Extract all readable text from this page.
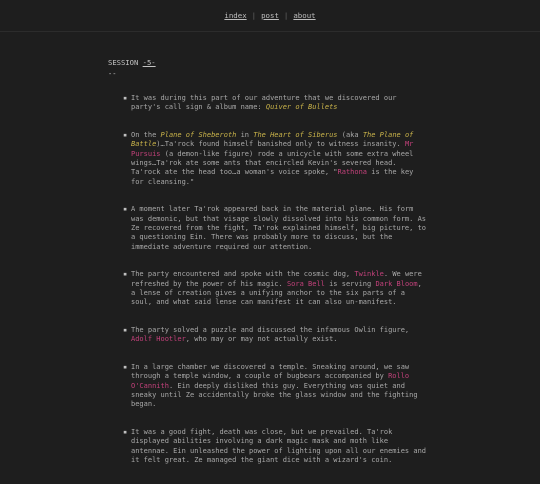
index | post | about
SESSION -5-
--
▪ It was during this part of our adventure that we discovered our party's call sign & album name: Quiver of Bullets
▪ On the Plane of Sheberoth in The Heart of Siberus (aka The Plane of Battle)…Ta'rock found himself banished only to witness insanity. Mr Pursuis (a demon-like figure) rode a unicycle with some extra wheel wings…Ta'rok ate some ants that encircled Kevin's severed head. Ta'rock ate the head too…a woman's voice spoke, "Rathona is the key for cleansing."
▪ A moment later Ta'rok appeared back in the material plane. His form was demonic, but that visage slowly dissolved into his common form. As Ze recovered from the fight, Ta'rok explained himself, big picture, to a questioning Ein. There was probably more to discuss, but the immediate adventure required our attention.
▪ The party encountered and spoke with the cosmic dog, Twinkle. We were refreshed by the power of his magic. Sora Bell is serving Dark Bloom, a lense of creation gives a unifying anchor to the six parts of a soul, and what said lense can manifest it can also un-manifest.
▪ The party solved a puzzle and discussed the infamous Owlin figure, Adolf Hootler, who may or may not actually exist.
▪ In a large chamber we discovered a temple. Sneaking around, we saw through a temple window, a couple of bugbears accompanied by Rollo O'Cannith. Ein deeply disliked this guy. Everything was quiet and sneaky until Ze accidentally broke the glass window and the fighting began.
▪ It was a good fight, death was close, but we prevailed. Ta'rok displayed abilities involving a dark magic mask and moth like antennae. Ein unleashed the power of lighting upon all our enemies and it felt great. Ze managed the giant dice with a wizard's coin.
